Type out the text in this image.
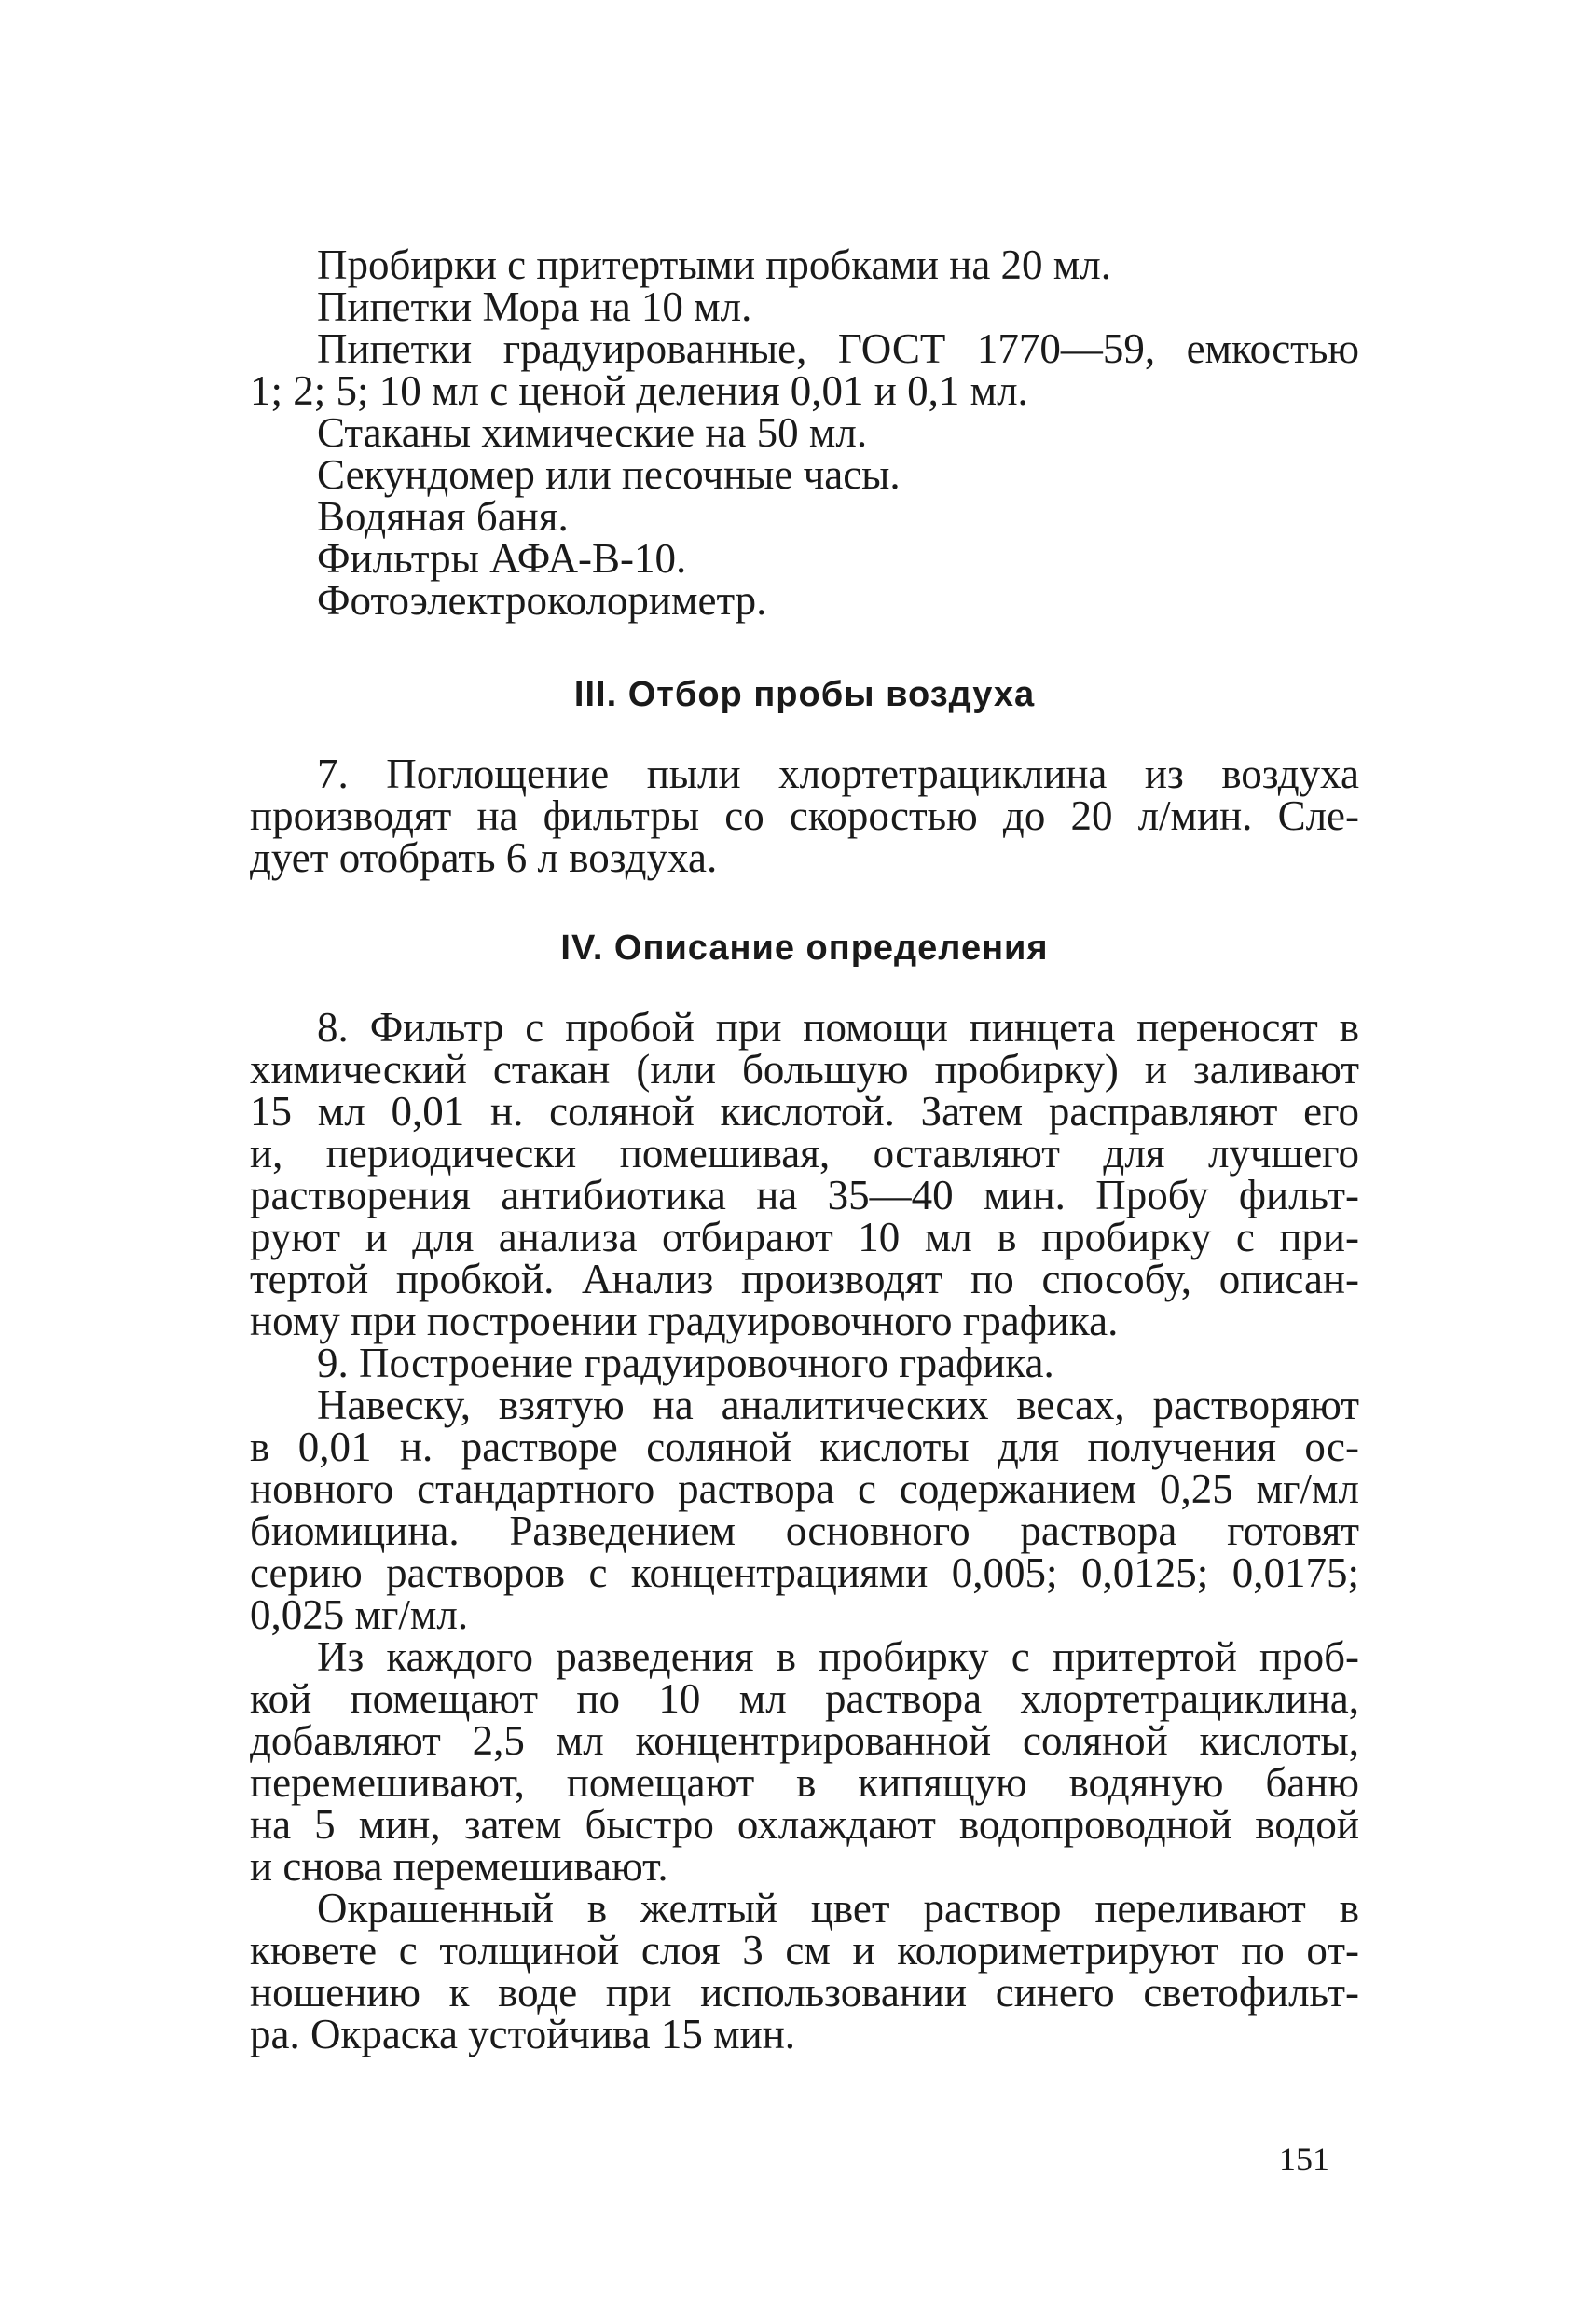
Пробирки с притертыми пробками на 20 мл.

Пипетки Мора на 10 мл.

Пипетки градуированные, ГОСТ 1770—59, емкостью

1; 2; 5; 10 мл с ценой деления 0,01 и 0,1 мл.

Стаканы химические на 50 мл.

Секундомер или песочные часы.

Водяная баня.

Фильтры АФА-В-10.

Фотоэлектроколориметр.

III. Отбор пробы воздуха

7. Поглощение пыли хлортетрациклина из воздуха

производят на фильтры со скоростью до 20 л/мин. Сле-

дует отобрать 6 л воздуха.

IV. Описание определения

8. Фильтр с пробой при помощи пинцета переносят в

химический стакан (или большую пробирку) и заливают

15 мл 0,01 н. соляной кислотой. Затем расправляют его

и, периодически помешивая, оставляют для лучшего

растворения антибиотика на 35—40 мин. Пробу фильт-

руют и для анализа отбирают 10 мл в пробирку с при-

тертой пробкой. Анализ производят по способу, описан-

ному при построении градуировочного графика.

9. Построение градуировочного графика.

Навеску, взятую на аналитических весах, растворяют

в 0,01 н. растворе соляной кислоты для получения ос-

новного стандартного раствора с содержанием 0,25 мг/мл

биомицина. Разведением основного раствора готовят

серию растворов с концентрациями 0,005; 0,0125; 0,0175;

0,025 мг/мл.

Из каждого разведения в пробирку с притертой проб-

кой помещают по 10 мл раствора хлортетрациклина,

добавляют 2,5 мл концентрированной соляной кислоты,

перемешивают, помещают в кипящую водяную баню

на 5 мин, затем быстро охлаждают водопроводной водой

и снова перемешивают.

Окрашенный в желтый цвет раствор переливают в

кювете с толщиной слоя 3 см и колориметрируют по от-

ношению к воде при использовании синего светофильт-

ра. Окраска устойчива 15 мин.

151
